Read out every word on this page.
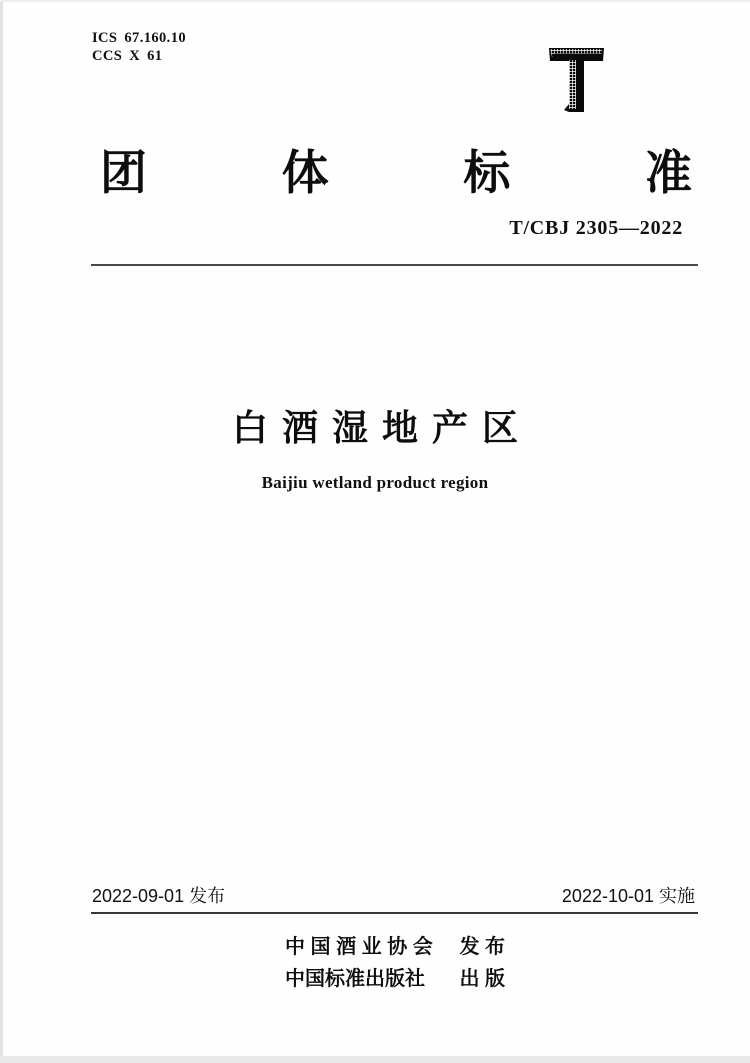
ICS 67.160.10
CCS X 61
团	体	标	准
T/CBJ 2305—2022
白酒湿地产区
Baijiu wetland product region
2022-09-01 发布	2022-10-01 实施
中 国 酒 业 协 会 发 布
中国标准出版社 出 版
